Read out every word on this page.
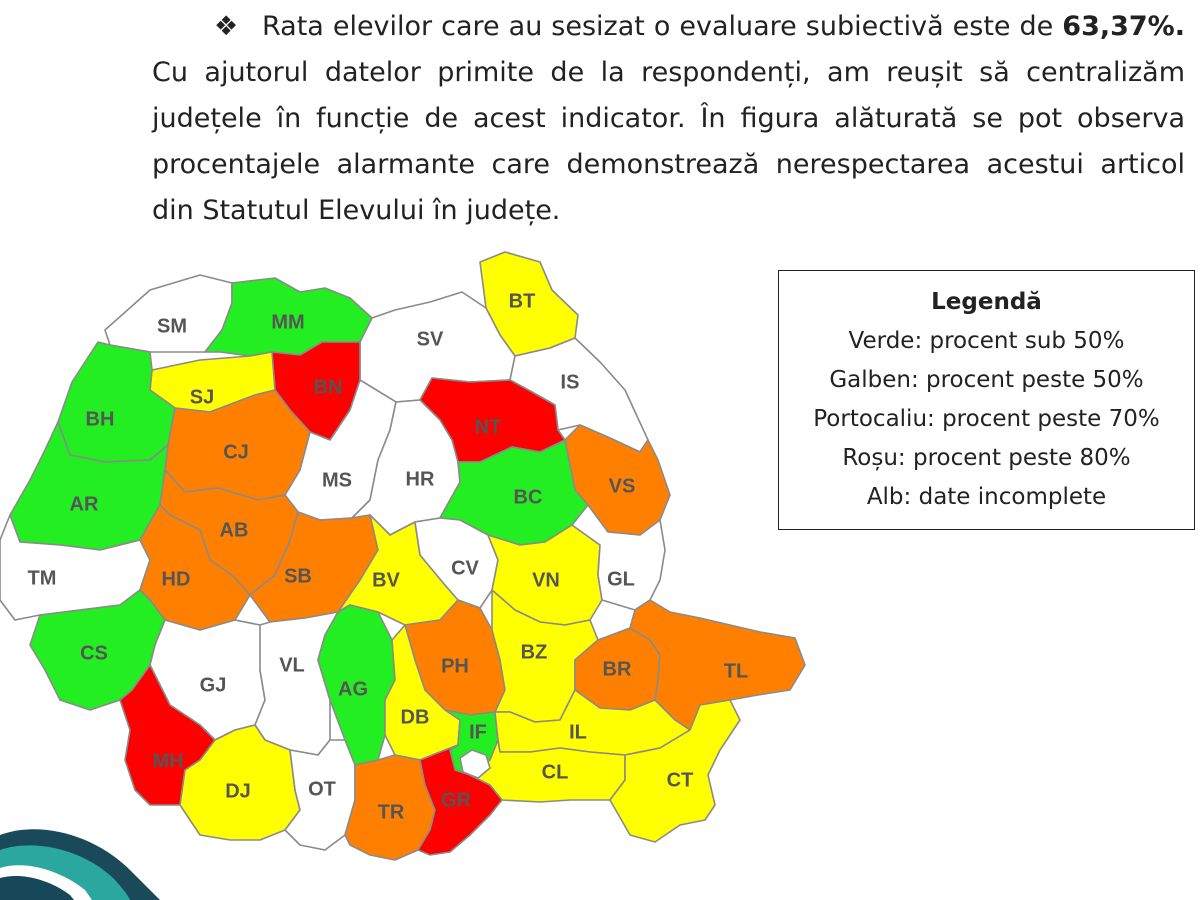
❖ Rata elevilor care au sesizat o evaluare subiectivă este de 63,37%. Cu ajutorul datelor primite de la respondenți, am reușit să centralizăm județele în funcție de acest indicator. În figura alăturată se pot observa procentajele alarmante care demonstrează nerespectarea acestui articol din Statutul Elevului în județe.

SM	MM
BT
SV
BN
SJ
IS
BH
CJ
NT
MS	HR	VS
BC
AR
AB
TM	HD	SB	BV
CV
VN GL
CS
GJ
VL
AG
PH
BZ
BR	TL
MH
DB
IF	IL
DJ	OT
TR
GR
CL	CT
Legendă
Verde: procent sub 50%
Galben: procent peste 50%
Portocaliu: procent peste 70%
Roșu: procent peste 80%
Alb: date incomplete
